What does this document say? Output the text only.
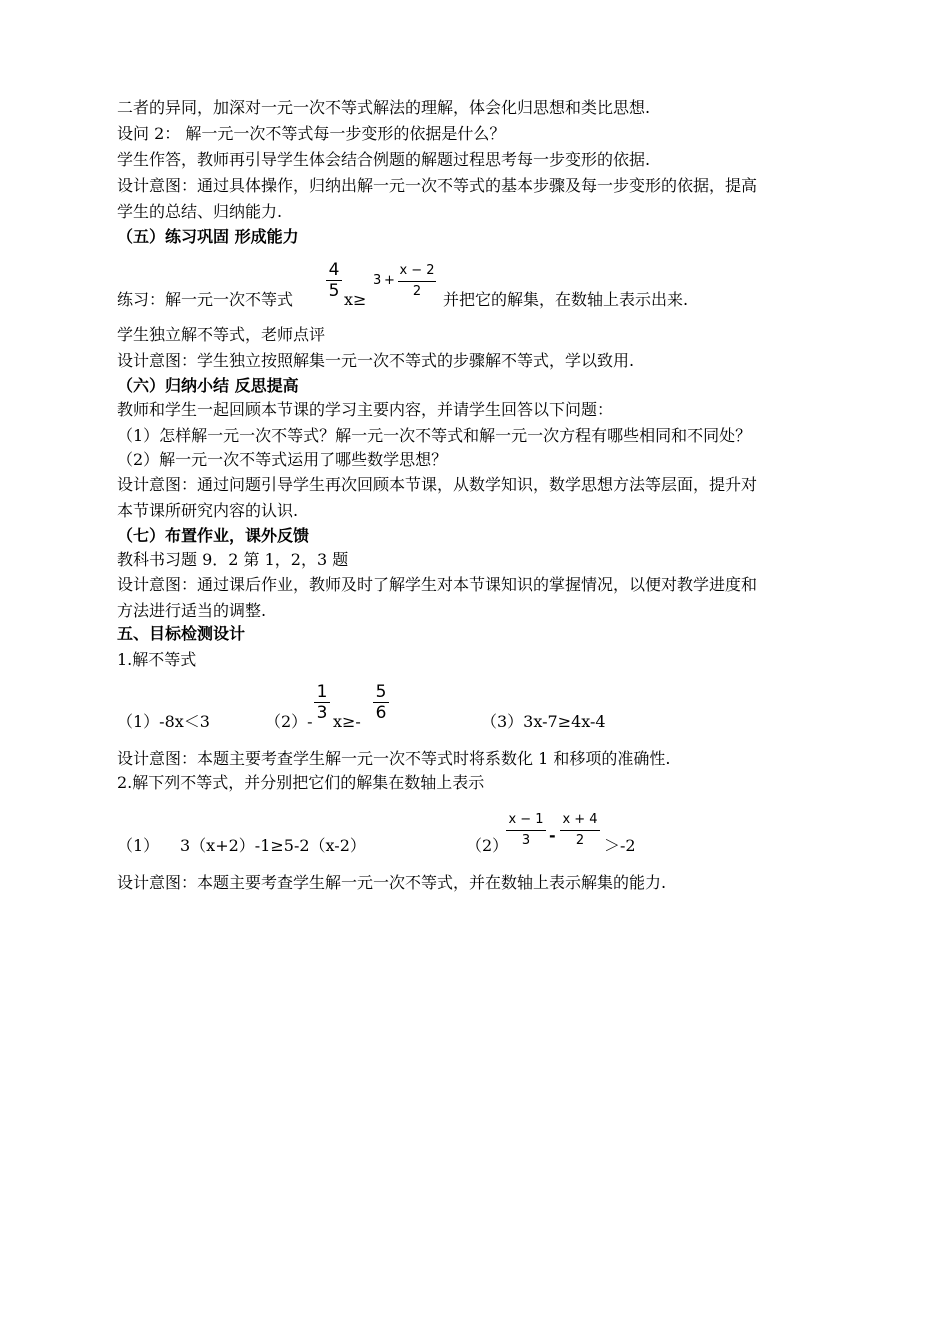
二者的异同，加深对一元一次不等式解法的理解，体会化归思想和类比思想.
设问 2： 解一元一次不等式每一步变形的依据是什么？
学生作答，教师再引导学生体会结合例题的解题过程思考每一步变形的依据.
设计意图：通过具体操作，归纳出解一元一次不等式的基本步骤及每一步变形的依据，提高
学生的总结、归纳能力.
（五）练习巩固 形成能力
练习：解一元一次不等式
4
5 x≥
3 +
x − 2
2	并把它的解集，在数轴上表示出来.
学生独立解不等式，老师点评
设计意图：学生独立按照解集一元一次不等式的步骤解不等式，学以致用.
（六）归纳小结 反思提高
教师和学生一起回顾本节课的学习主要内容，并请学生回答以下问题：
（1）怎样解一元一次不等式？解一元一次不等式和解一元一次方程有哪些相同和不同处？
（2）解一元一次不等式运用了哪些数学思想？
设计意图：通过问题引导学生再次回顾本节课，从数学知识，数学思想方法等层面，提升对
本节课所研究内容的认识.
（七）布置作业，课外反馈
教科书习题 9．2 第 1，2，3 题
设计意图：通过课后作业，教师及时了解学生对本节课知识的掌握情况，以便对教学进度和
方法进行适当的调整.
五、目标检测设计
1.解不等式
（1）-8x＜3	（2）-
1
3 x≥-
5
6	（3）3x-7≥4x-4
设计意图：本题主要考查学生解一元一次不等式时将系数化 1 和移项的准确性.
2.解下列不等式，并分别把它们的解集在数轴上表示
（1） 3（x+2）-1≥5-2（x-2）	（2）
x − 1
3	-
x + 4
2	＞-2
设计意图：本题主要考查学生解一元一次不等式，并在数轴上表示解集的能力.
